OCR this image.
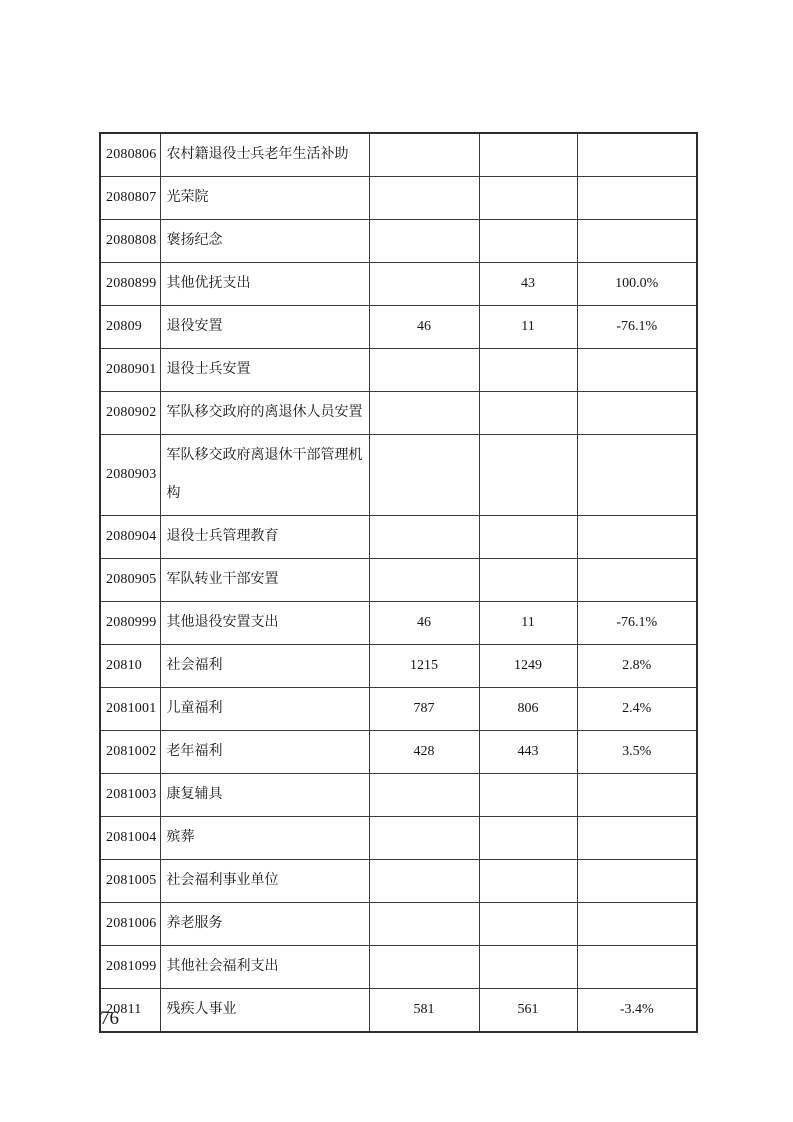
2080806	农村籍退役士兵老年生活补助			
2080807	光荣院			
2080808	褒扬纪念			
2080899	其他优抚支出		43	100.0%
20809	退役安置	46	11	-76.1%
2080901	退役士兵安置			
2080902	军队移交政府的离退休人员安置			
2080903	军队移交政府离退休干部管理机构			
2080904	退役士兵管理教育			
2080905	军队转业干部安置			
2080999	其他退役安置支出	46	11	-76.1%
20810	社会福利	1215	1249	2.8%
2081001	儿童福利	787	806	2.4%
2081002	老年福利	428	443	3.5%
2081003	康复辅具			
2081004	殡葬			
2081005	社会福利事业单位			
2081006	养老服务			
2081099	其他社会福利支出			
20811	残疾人事业	581	561	-3.4%
76
